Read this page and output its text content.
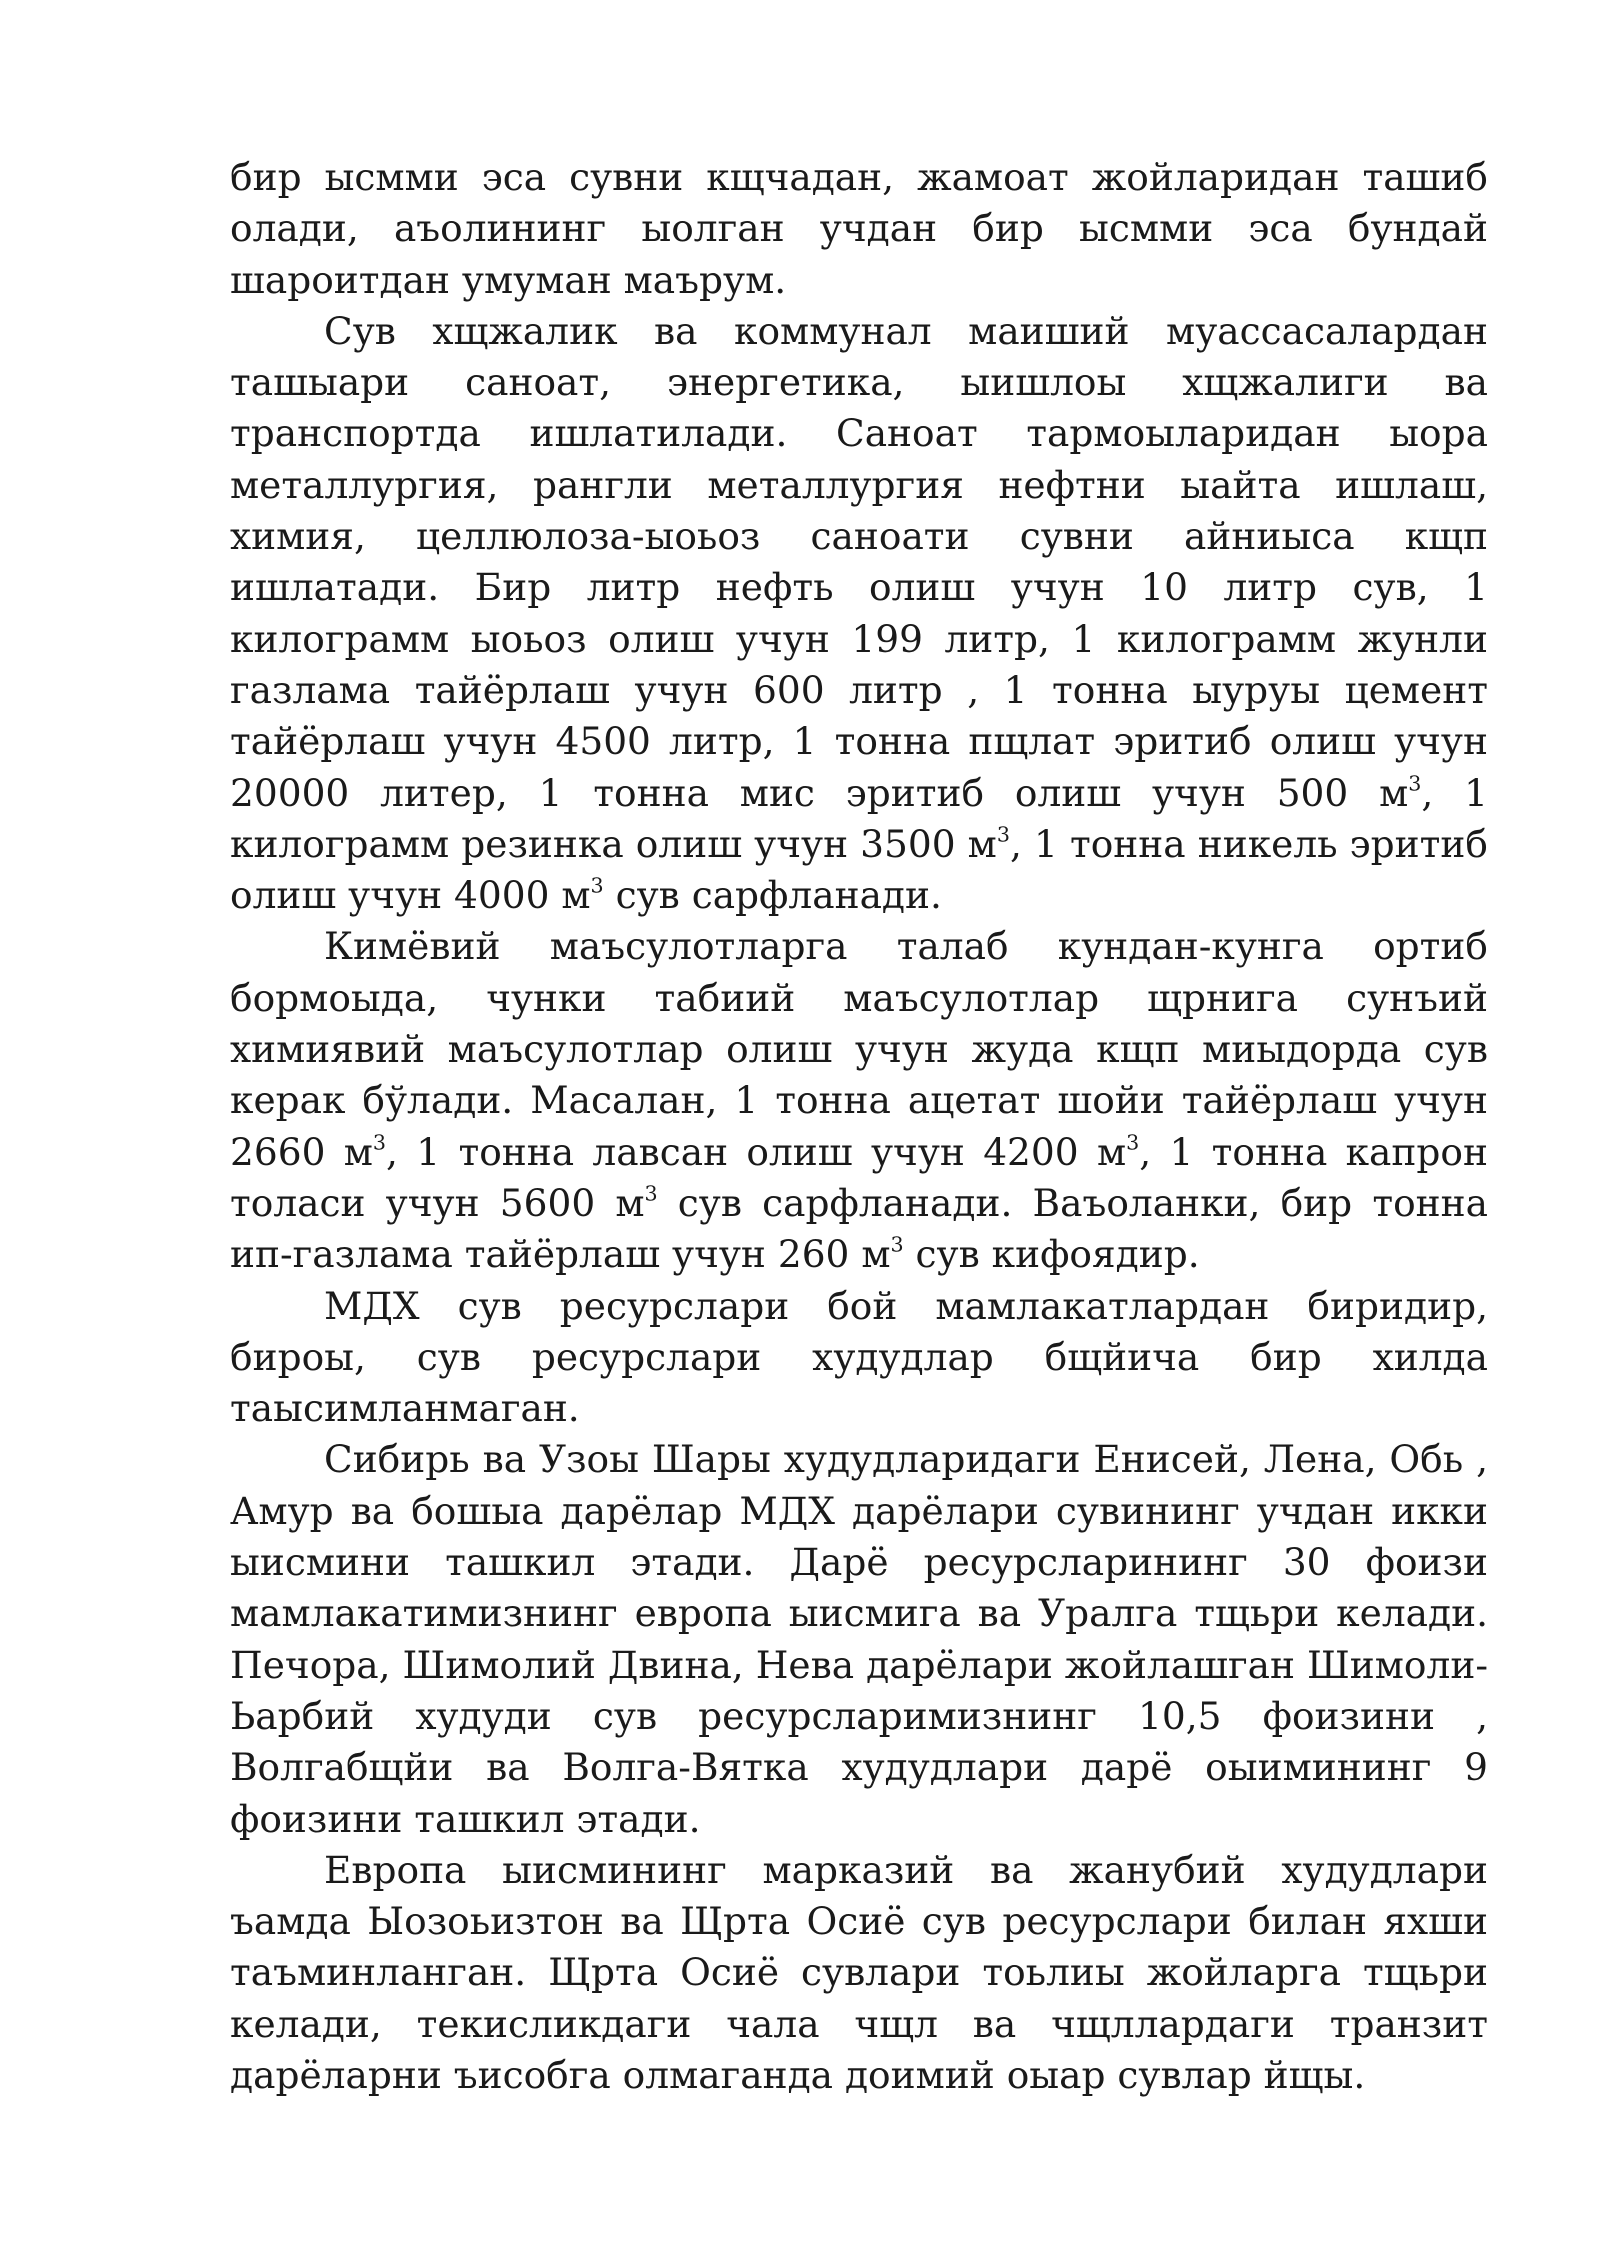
бир ысмми эса сувни кщчадан, жамоат жойларидан ташиб олади, аъолининг ыолган учдан бир ысмми эса бундай шароитдан умуман маърум.

Сув хщжалик ва коммунал маиший муассасалардан ташыари саноат, энергетика, ыишлоы хщжалиги ва транспортда ишлатилади. Саноат тармоыларидан ыора металлургия, рангли металлургия нефтни ыайта ишлаш, химия, целлюлоза-ыоьоз саноати сувни айниыса кщп ишлатади. Бир литр нефть олиш учун 10 литр сув, 1 килограмм ыоьоз олиш учун 199 литр, 1 килограмм жунли газлама тайёрлаш учун 600 литр , 1 тонна ыуруы цемент тайёрлаш учун 4500 литр, 1 тонна пщлат эритиб олиш учун 20000 литер, 1 тонна мис эритиб олиш учун 500 $м^3$, 1 килограмм резинка олиш учун 3500 $м^3$, 1 тонна никель эритиб олиш учун 4000 $м^3$ сув сарфланади.

Кимёвий маъсулотларга талаб кундан-кунга ортиб бормоыда, чунки табиий маъсулотлар щрнига сунъий химиявий маъсулотлар олиш учун жуда кщп миыдорда сув керак бўлади. Масалан, 1 тонна ацетат шойи тайёрлаш учун 2660 $м^3$, 1 тонна лавсан олиш учун 4200 $м^3$, 1 тонна капрон толаси учун 5600 $м^3$ сув сарфланади. Ваъоланки, бир тонна ип-газлама тайёрлаш учун 260 $м^3$ сув кифоядир.

МДХ сув ресурслари бой мамлакатлардан биридир, бироы, сув ресурслари худудлар бщйича бир хилда таысимланмаган.

Сибирь ва Узоы Шары худудларидаги Енисей, Лена, Обь , Амур ва бошыа дарёлар МДХ дарёлари сувининг учдан икки ыисмини ташкил этади. Дарё ресурсларининг 30 фоизи мамлакатимизнинг европа ыисмига ва Уралга тщьри келади. Печора, Шимолий Двина, Нева дарёлари жойлашган Шимоли-Ьарбий худуди сув ресурсларимизнинг 10,5 фоизини , Волгабщйи ва Волга-Вятка худудлари дарё оыимининг 9 фоизини ташкил этади.

Европа ыисмининг марказий ва жанубий худудлари ъамда Ыозоьизтон ва Щрта Осиё сув ресурслари билан яхши таъминланган. Щрта Осиё сувлари тоьлиы жойларга тщьри келади, текисликдаги чала чщл ва чщллардаги транзит дарёларни ъисобга олмаганда доимий оыар сувлар йщы.
